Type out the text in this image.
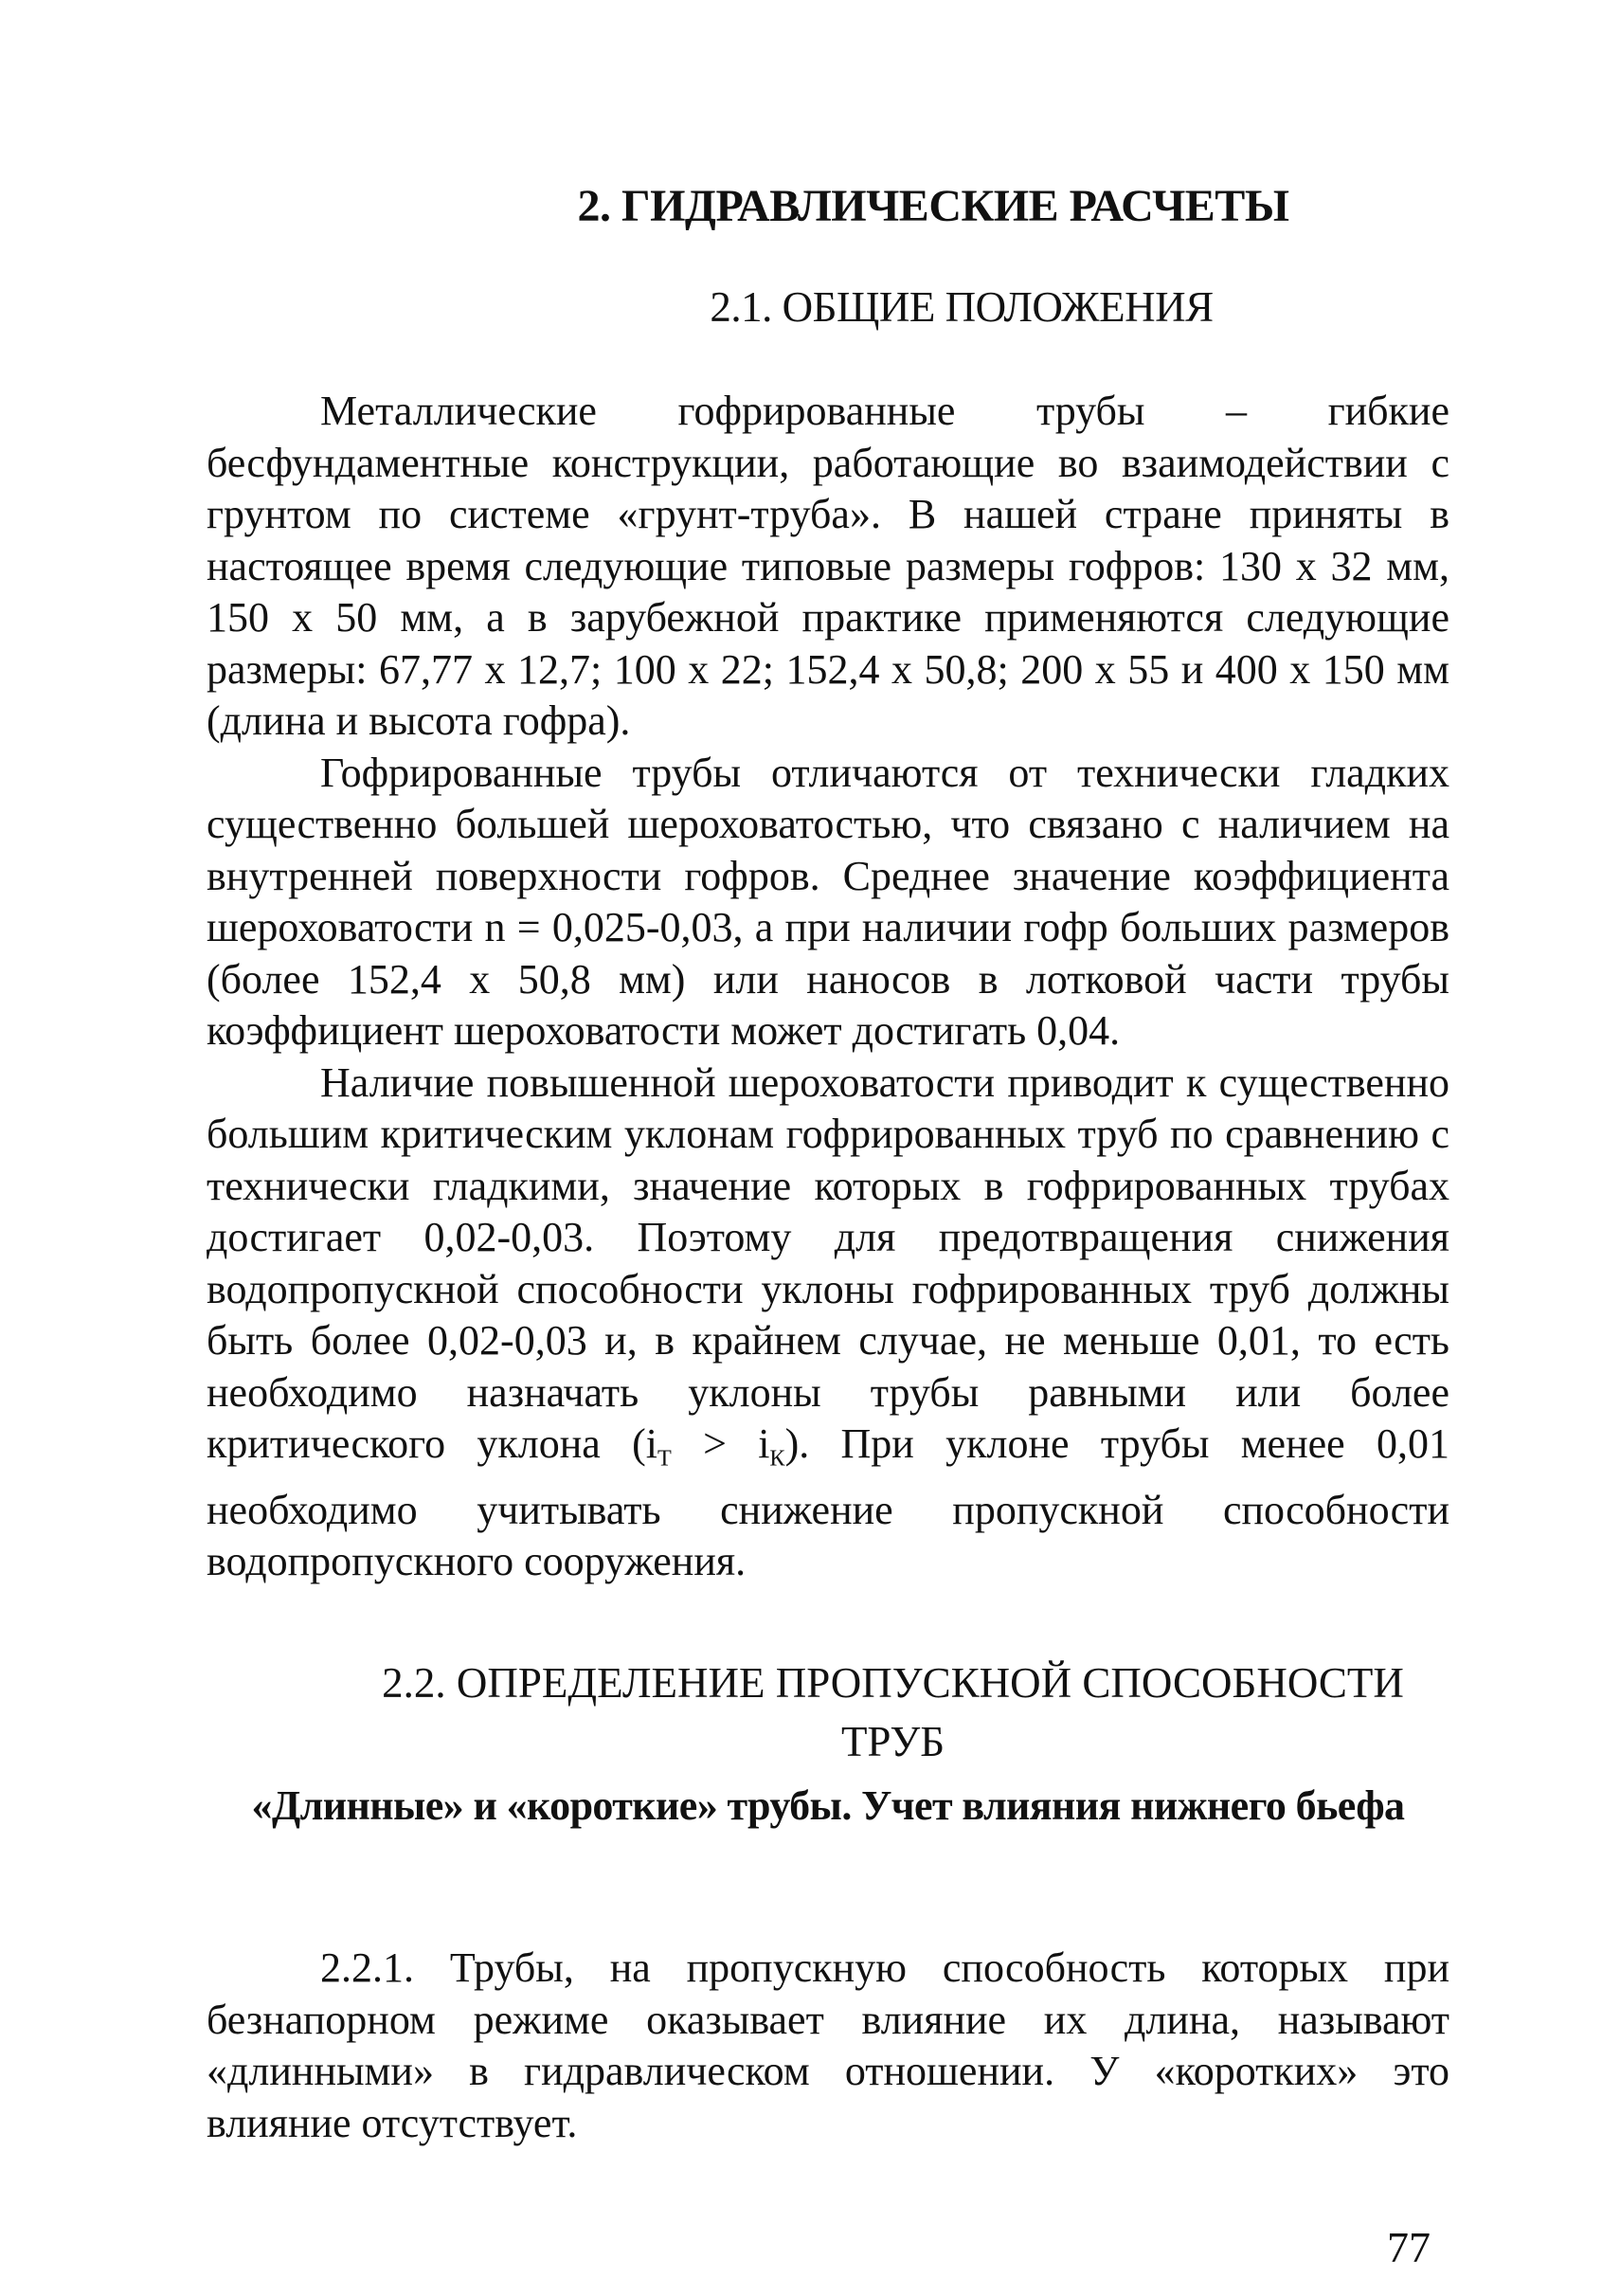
2. ГИДРАВЛИЧЕСКИЕ РАСЧЕТЫ
2.1. ОБЩИЕ ПОЛОЖЕНИЯ

Металлические гофрированные трубы – гибкие бесфундаментные конструкции, работающие во взаимодействии с грунтом по системе «грунт-труба». В нашей стране приняты в настоящее время следующие типовые размеры гофров: 130 х 32 мм, 150 х 50 мм, а в зарубежной практике применяются следующие размеры: 67,77 х 12,7; 100 х 22; 152,4 х 50,8; 200 х 55 и 400 х 150 мм (длина и высота гофра).

Гофрированные трубы отличаются от технически гладких существенно большей шероховатостью, что связано с наличием на внутренней поверхности гофров. Среднее значение коэффициента шероховатости n = 0,025-0,03, а при наличии гофр больших размеров (более 152,4 х 50,8 мм) или наносов в лотковой части трубы коэффициент шероховатости может достигать 0,04.

Наличие повышенной шероховатости приводит к существенно большим критическим уклонам гофрированных труб по сравнению с технически гладкими, значение которых в гофрированных трубах достигает 0,02-0,03. Поэтому для предотвращения снижения водопропускной способности уклоны гофрированных труб должны быть более 0,02-0,03 и, в крайнем случае, не меньше 0,01, то есть необходимо назначать уклоны трубы равными или более критического уклона $(i_Т > i_К)$. При уклоне трубы менее 0,01 необходимо учитывать снижение пропускной способности водопропускного сооружения.

2.2. ОПРЕДЕЛЕНИЕ ПРОПУСКНОЙ СПОСОБНОСТИ
ТРУБ
«Длинные» и «короткие» трубы. Учет влияния нижнего бьефа

2.2.1. Трубы, на пропускную способность которых при безнапорном режиме оказывает влияние их длина, называют «длинными» в гидравлическом отношении. У «коротких» это влияние отсутствует.

77
